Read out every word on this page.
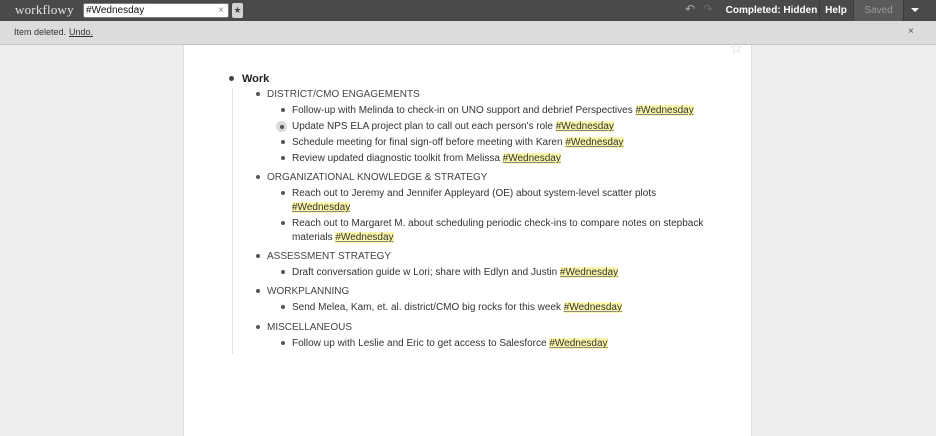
workflowy
#Wednesday	× ★	↶ ↷ Completed: Hidden Help	Saved
Item deleted. Undo.	×
☆
Work
DISTRICT/CMO ENGAGEMENTS
Follow-up with Melinda to check-in on UNO support and debrief Perspectives #Wednesday
Update NPS ELA project plan to call out each person's role #Wednesday
Schedule meeting for final sign-off before meeting with Karen #Wednesday
Review updated diagnostic toolkit from Melissa #Wednesday
ORGANIZATIONAL KNOWLEDGE & STRATEGY
Reach out to Jeremy and Jennifer Appleyard (OE) about system-level scatter plots
#Wednesday
Reach out to Margaret M. about scheduling periodic check-ins to compare notes on stepback
materials #Wednesday
ASSESSMENT STRATEGY
Draft conversation guide w Lori; share with Edlyn and Justin #Wednesday
WORKPLANNING
Send Melea, Kam, et. al. district/CMO big rocks for this week #Wednesday
MISCELLANEOUS
Follow up with Leslie and Eric to get access to Salesforce #Wednesday
